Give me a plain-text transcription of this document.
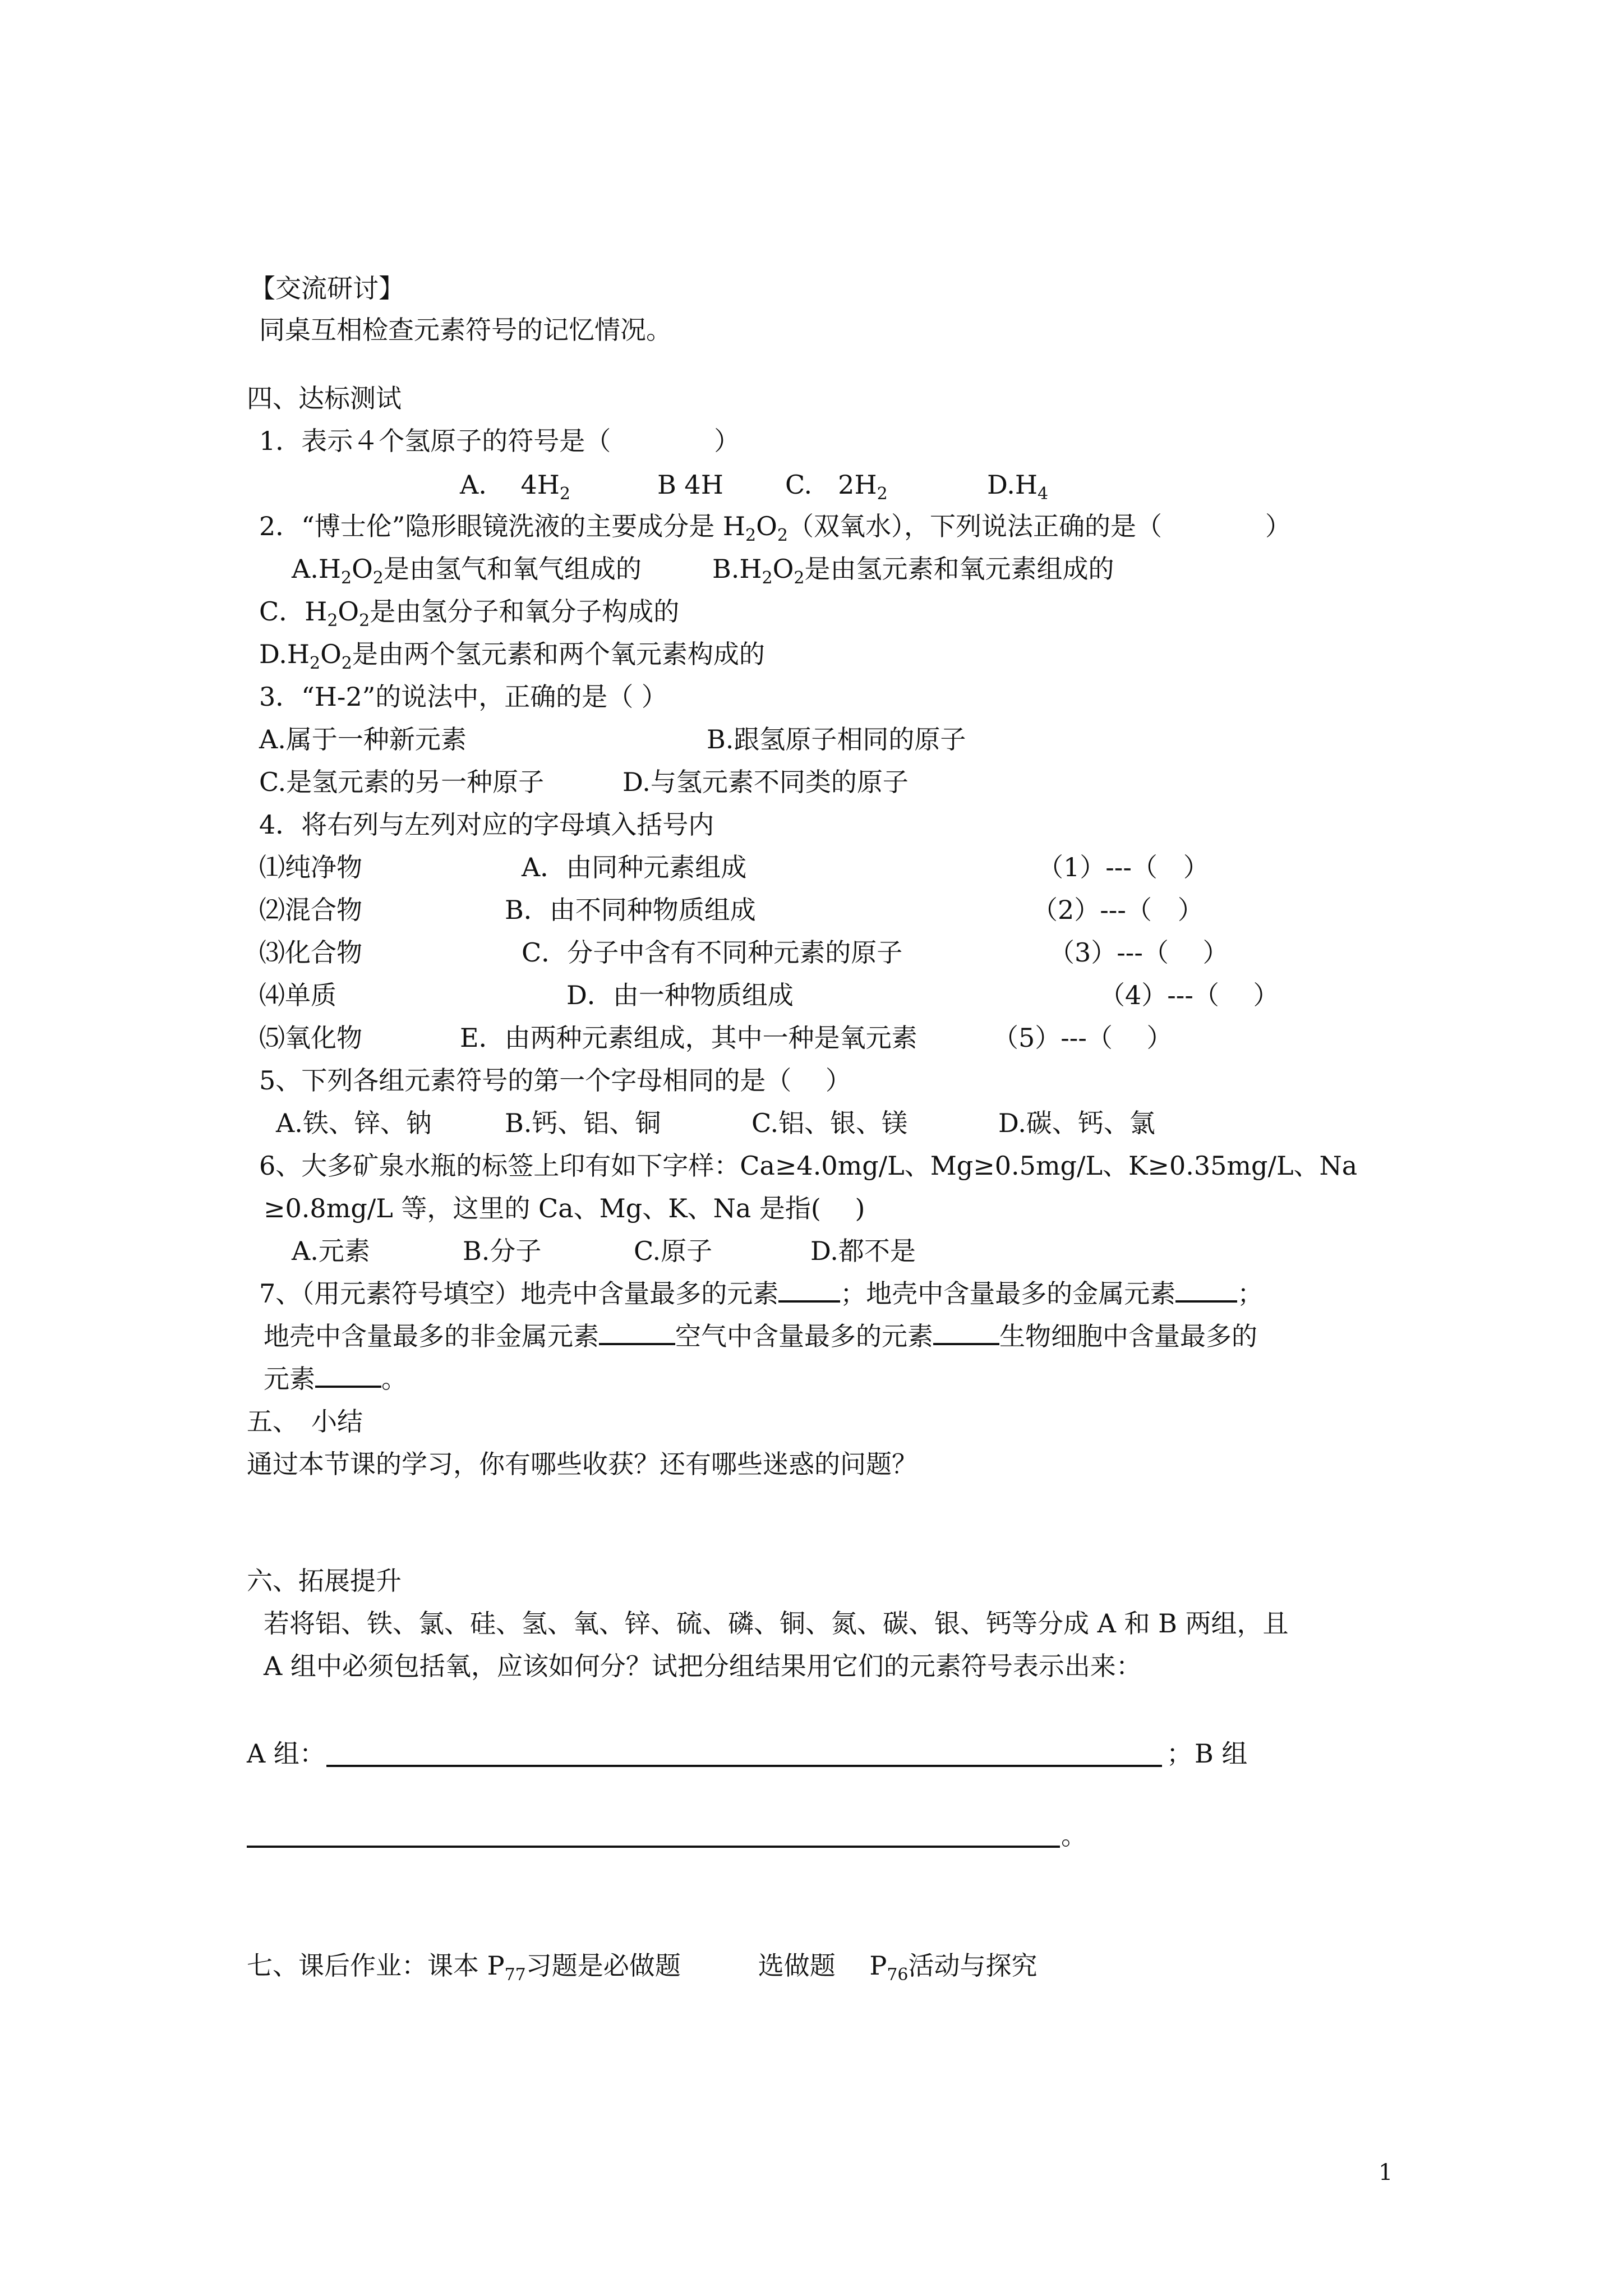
【交流研讨】
同桌互相检查元素符号的记忆情况。
四、达标测试
1．表示４个氢原子的符号是（　　　　）
A.　 $4H_2$	B 4H C.　$2H_2$	$D.H_4$
2．“博士伦”隐形眼镜洗液的主要成分是 $H_2O_2$（双氧水），下列说法正确的是（　　　　）
$A.H_2O_2$是由氢气和氧气组成的	$B.H_2O_2$是由氢元素和氧元素组成的
C．$H_2O_2$是由氢分子和氧分子构成的
$D.H_2O_2$是由两个氢元素和两个氧元素构成的
3．“H-2”的说法中，正确的是（ ）
A.属于一种新元素	B.跟氢原子相同的原子
C.是氢元素的另一种原子	D.与氢元素不同类的原子
4．将右列与左列对应的字母填入括号内
⑴纯净物	A．由同种元素组成	（1）---（　）
⑵混合物	B．由不同种物质组成	（2）---（　）
⑶化合物	C．分子中含有不同种元素的原子	（3）---（　 ）
⑷单质	D．由一种物质组成	（4）---（　 ）
⑸氧化物	E．由两种元素组成，其中一种是氧元素	（5）---（　 ）
5、下列各组元素符号的第一个字母相同的是（　 ）
A.铁、锌、钠	B.钙、铝、铜	C.铝、银、镁	D.碳、钙、氯
6、大多矿泉水瓶的标签上印有如下字样：Ca≥4.0mg/L、Mg≥0.5mg/L、K≥0.35mg/L、Na
≥0.8mg/L 等，这里的 Ca、Mg、K、Na 是指(　 )
A.元素	B.分子	C.原子	D.都不是
7、（用元素符号填空）地壳中含量最多的元素 ；地壳中含量最多的金属元素 ；
地壳中含量最多的非金属元素	空气中含量最多的元素	生物细胞中含量最多的
元素	。
五、　小结
通过本节课的学习，你有哪些收获？还有哪些迷惑的问题？
六、拓展提升
若将铝、铁、氯、硅、氢、氧、锌、硫、磷、铜、氮、碳、银、钙等分成 A 和 B 两组，且
A 组中必须包括氧，应该如何分？试把分组结果用它们的元素符号表示出来：
A 组：	； B 组
。
七、课后作业：课本 $P_{77}$习题是必做题　　　选做题　 $P_{76}$活动与探究
1
